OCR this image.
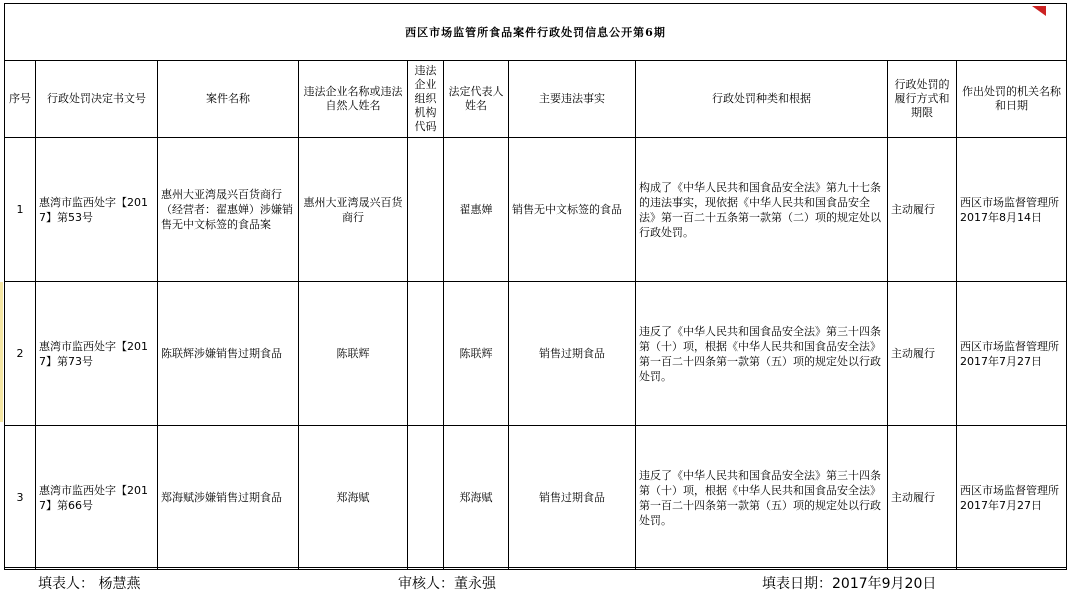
西区市场监管所食品案件行政处罚信息公开第6期									
序号	行政处罚决定书文号	案件名称	违法企业名称或违法自然人姓名	违法企业组织机构代码	法定代表人姓名	主要违法事实	行政处罚种类和根据	行政处罚的履行方式和期限	作出处罚的机关名称和日期
1	惠湾市监西处字【2017】第53号	惠州大亚湾晟兴百货商行（经营者：翟惠婵）涉嫌销售无中文标签的食品案	惠州大亚湾晟兴百货商行		翟惠婵	销售无中文标签的食品	构成了《中华人民共和国食品安全法》第九十七条的违法事实，现依据《中华人民共和国食品安全法》第一百二十五条第一款第（二）项的规定处以行政处罚。	主动履行	西区市场监督管理所2017年8月14日
2	惠湾市监西处字【2017】第73号	陈联辉涉嫌销售过期食品	陈联辉		陈联辉	销售过期食品	违反了《中华人民共和国食品安全法》第三十四条第（十）项，根据《中华人民共和国食品安全法》第一百二十四条第一款第（五）项的规定处以行政处罚。	主动履行	西区市场监督管理所2017年7月27日
3	惠湾市监西处字【2017】第66号	郑海赋涉嫌销售过期食品	郑海赋		郑海赋	销售过期食品	违反了《中华人民共和国食品安全法》第三十四条第（十）项，根据《中华人民共和国食品安全法》第一百二十四条第一款第（五）项的规定处以行政处罚。	主动履行	西区市场监督管理所2017年7月27日
填表人： 杨慧燕	审核人：董永强	填表日期：2017年9月20日
